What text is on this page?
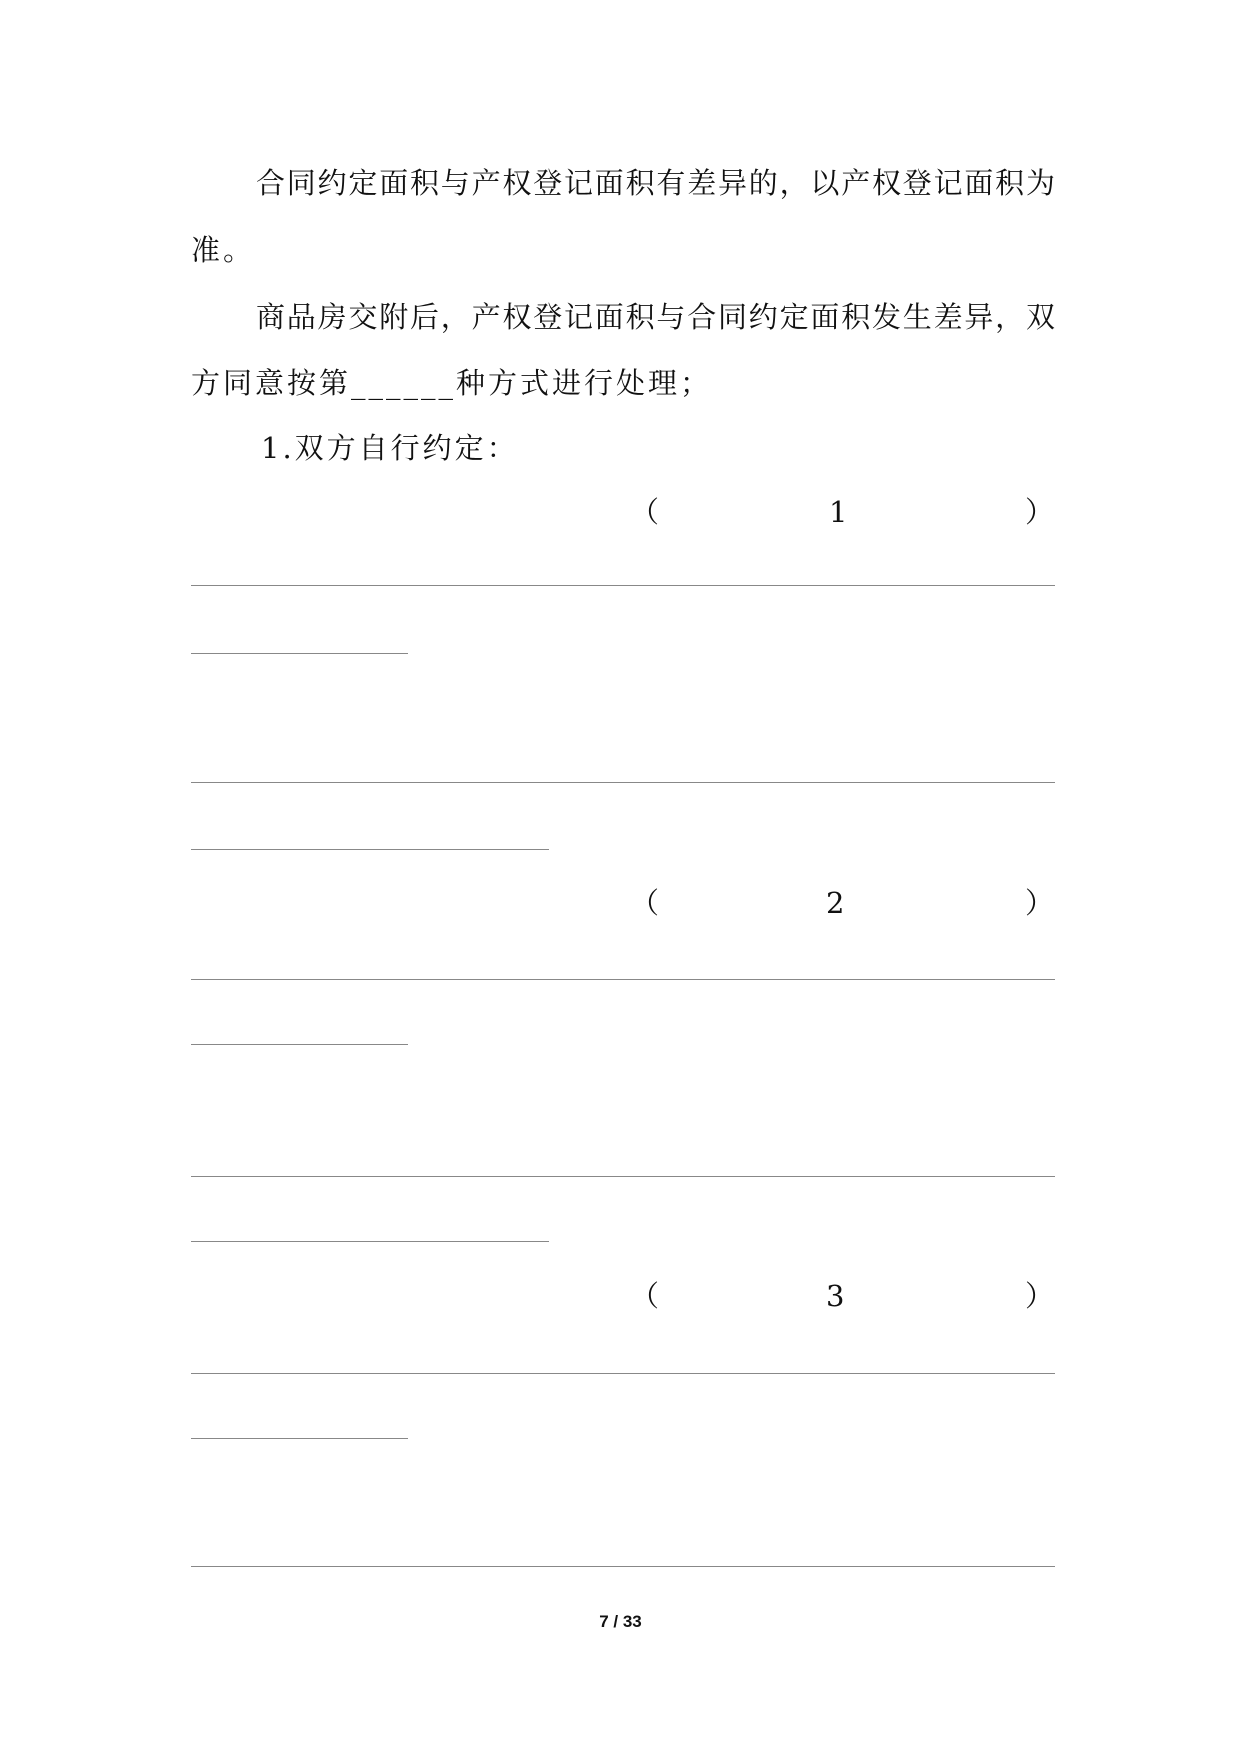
合同约定面积与产权登记面积有差异的，以产权登记面积为
准。
商品房交附后，产权登记面积与合同约定面积发生差异，双
方同意按第______种方式进行处理；
1.双方自行约定：
（	1	）
（	2	）
（	3	）
7 / 33
